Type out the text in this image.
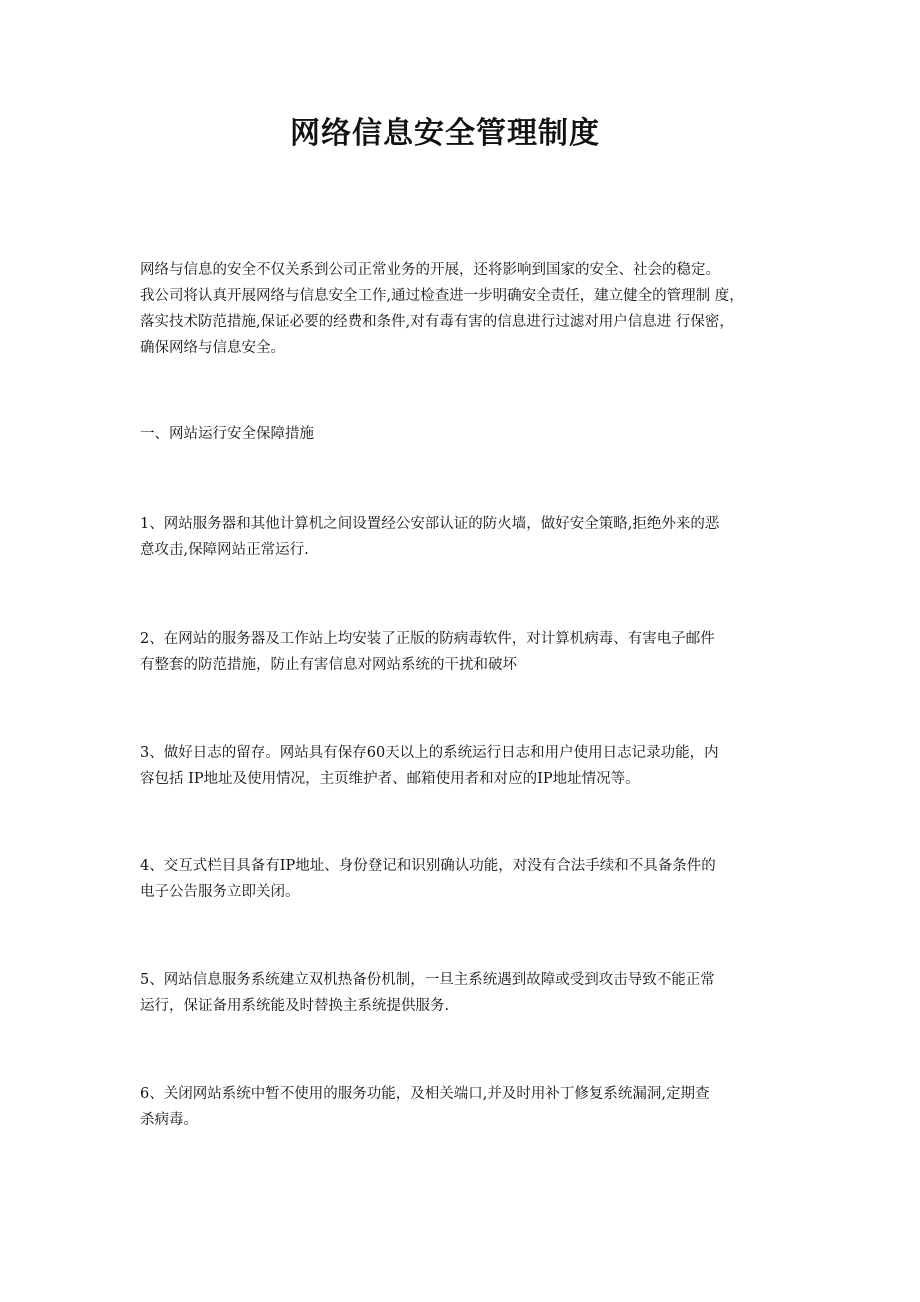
网络信息安全管理制度
网络与信息的安全不仅关系到公司正常业务的开展，还将影响到国家的安全、社会的稳定。
我公司将认真开展网络与信息安全工作,通过检查进一步明确安全责任，建立健全的管理制 度，
落实技术防范措施,保证必要的经费和条件,对有毒有害的信息进行过滤对用户信息进 行保密，
确保网络与信息安全。
一、网站运行安全保障措施
1、网站服务器和其他计算机之间设置经公安部认证的防火墙，做好安全策略,拒绝外来的恶
意攻击,保障网站正常运行.
2、在网站的服务器及工作站上均安装了正版的防病毒软件，对计算机病毒、有害电子邮件
有整套的防范措施，防止有害信息对网站系统的干扰和破坏
3、做好日志的留存。网站具有保存60天以上的系统运行日志和用户使用日志记录功能，内
容包括 IP地址及使用情况，主页维护者、邮箱使用者和对应的IP地址情况等。
4、交互式栏目具备有IP地址、身份登记和识别确认功能，对没有合法手续和不具备条件的
电子公告服务立即关闭。
5、网站信息服务系统建立双机热备份机制，一旦主系统遇到故障或受到攻击导致不能正常
运行，保证备用系统能及时替换主系统提供服务.
6、关闭网站系统中暂不使用的服务功能，及相关端口,并及时用补丁修复系统漏洞,定期查
杀病毒。
